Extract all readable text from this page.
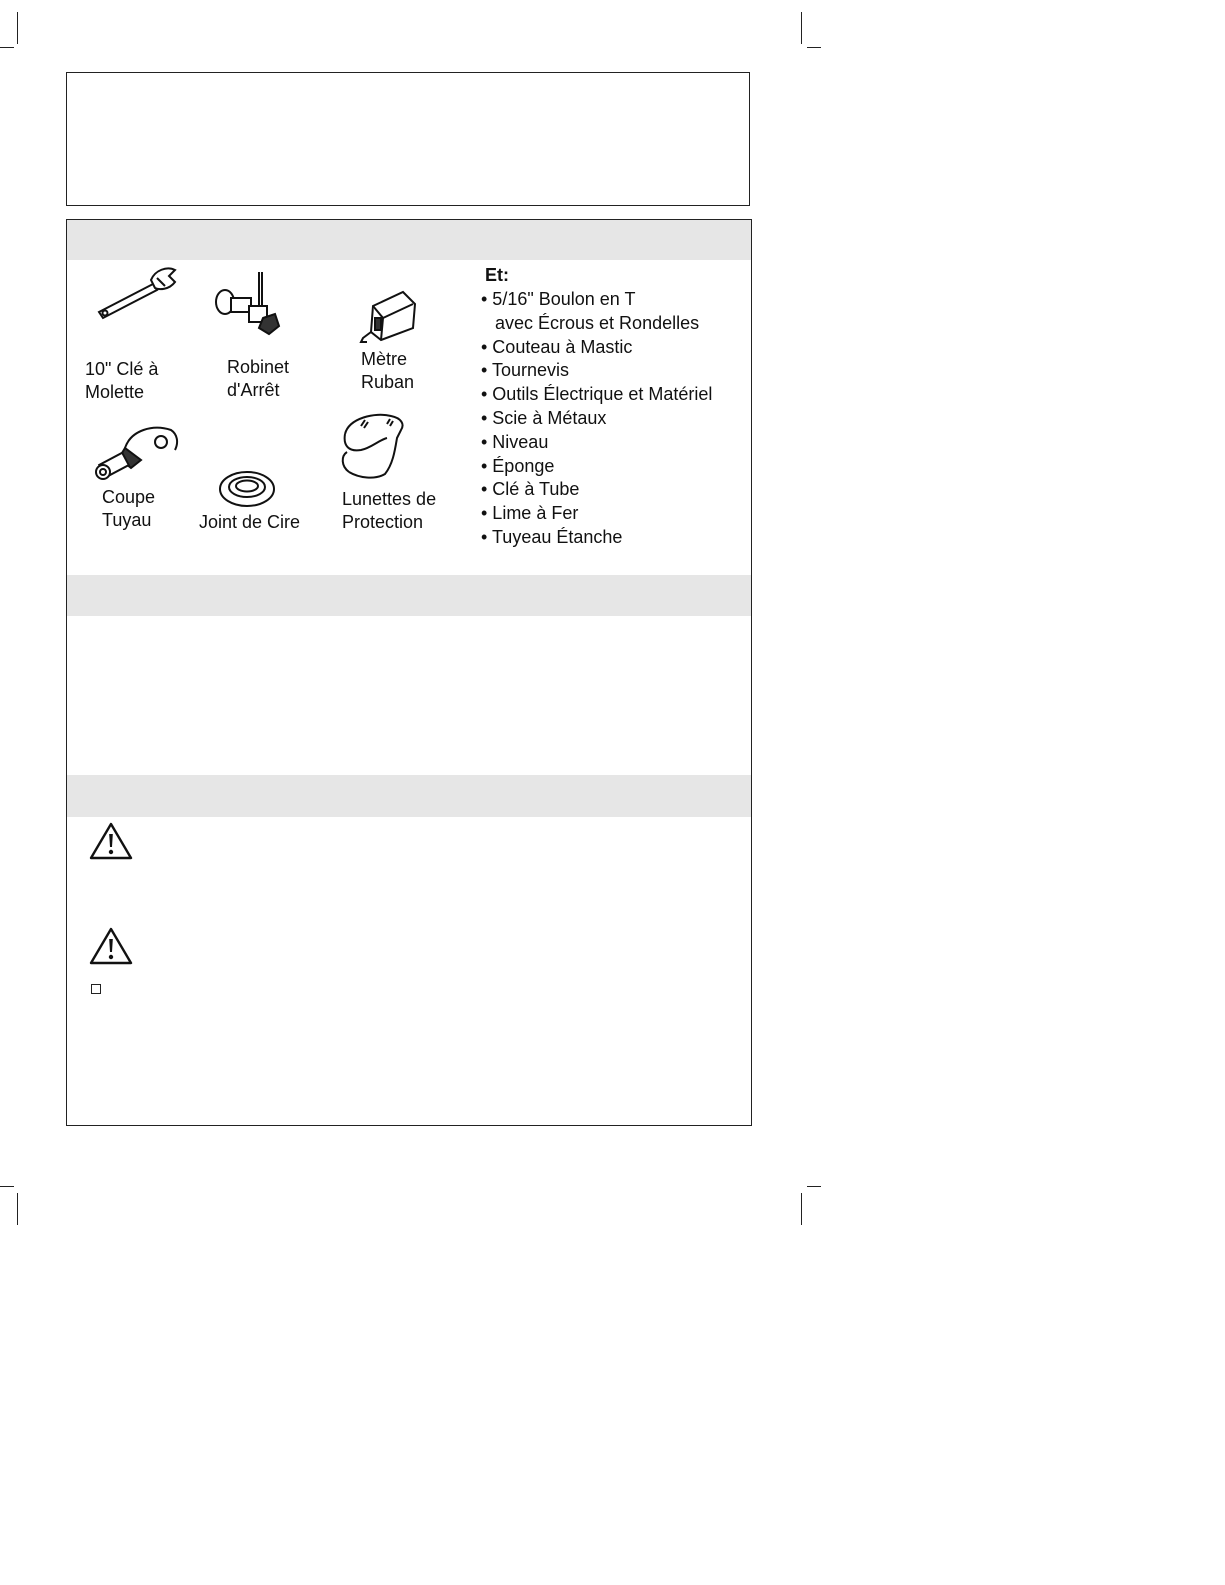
10" Clé à
Molette
Robinet
d'Arrêt
Mètre
Ruban
Coupe
Tuyau	Joint de Cire
Lunettes de
Protection
Et:
• 5/16" Boulon en T
avec Écrous et Rondelles
• Couteau à Mastic
• Tournevis
• Outils Électrique et Matériel
• Scie à Métaux
• Niveau
• Éponge
• Clé à Tube
• Lime à Fer
• Tuyeau Étanche
